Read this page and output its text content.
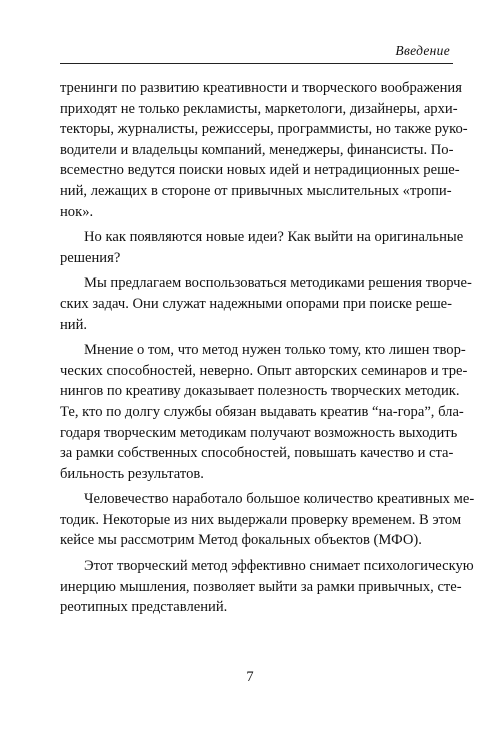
Введение

тренинги по развитию креативности и творческого воображения
приходят не только рекламисты, маркетологи, дизайнеры, архи-
текторы, журналисты, режиссеры, программисты, но также руко-
водители и владельцы компаний, менеджеры, финансисты. По-
всеместно ведутся поиски новых идей и нетрадиционных реше-
ний, лежащих в стороне от привычных мыслительных «тропи-
нок».

Но как появляются новые идеи? Как выйти на оригинальные
решения?

Мы предлагаем воспользоваться методиками решения творче-
ских задач. Они служат надежными опорами при поиске реше-
ний.

Мнение о том, что метод нужен только тому, кто лишен твор-
ческих способностей, неверно. Опыт авторских семинаров и тре-
нингов по креативу доказывает полезность творческих методик.
Те, кто по долгу службы обязан выдавать креатив “на-гора”, бла-
годаря творческим методикам получают возможность выходить
за рамки собственных способностей, повышать качество и ста-
бильность результатов.

Человечество наработало большое количество креативных ме-
тодик. Некоторые из них выдержали проверку временем. В этом
кейсе мы рассмотрим Метод фокальных объектов (МФО).

Этот творческий метод эффективно снимает психологическую
инерцию мышления, позволяет выйти за рамки привычных, сте-
реотипных представлений.

7
